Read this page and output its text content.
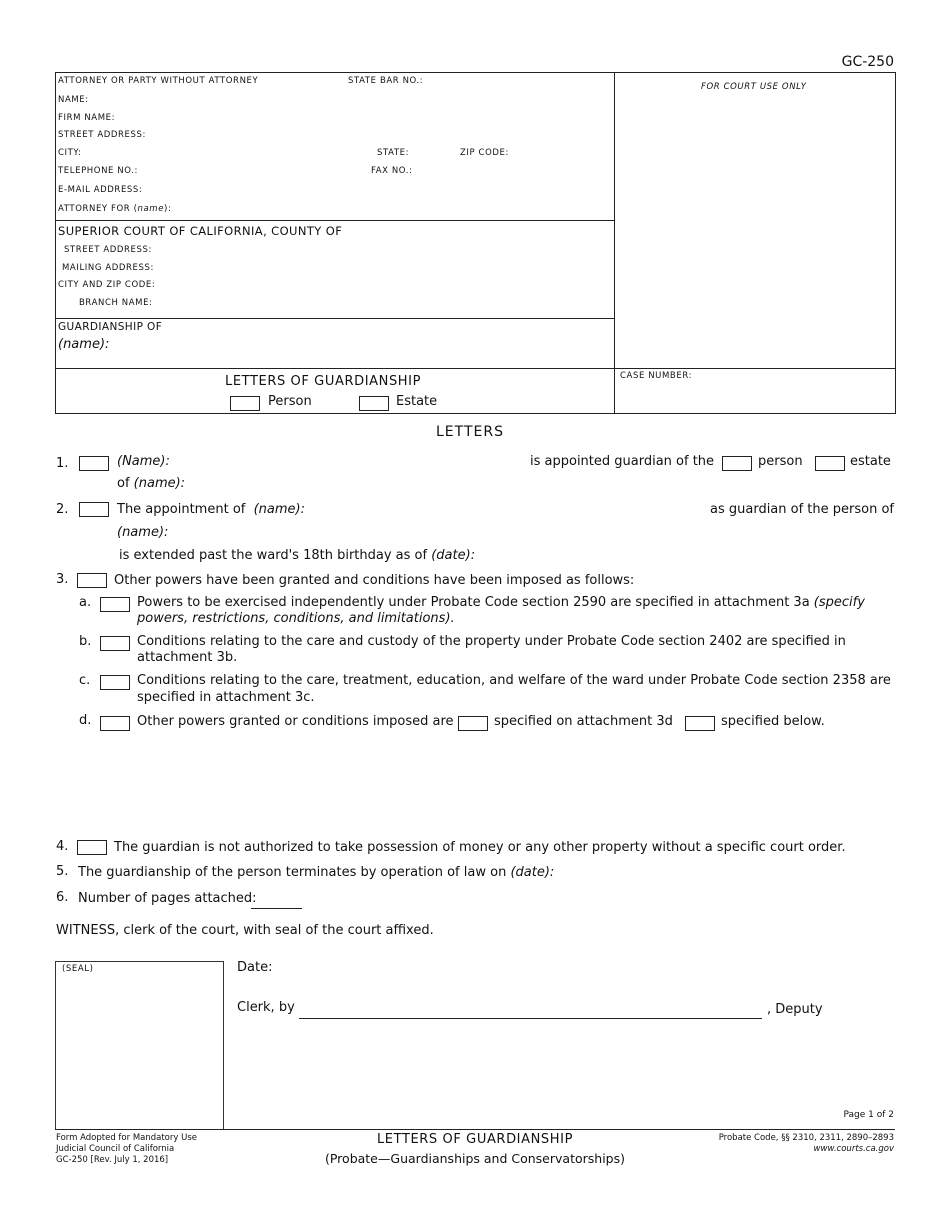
GC-250
ATTORNEY OR PARTY WITHOUT ATTORNEY	STATE BAR NO.:
NAME:
FIRM NAME:
STREET ADDRESS:
CITY:	STATE:	ZIP CODE:
TELEPHONE NO.:	FAX NO.:
E-MAIL ADDRESS:
ATTORNEY FOR (name):
FOR COURT USE ONLY
SUPERIOR COURT OF CALIFORNIA, COUNTY OF
STREET ADDRESS:
MAILING ADDRESS:
CITY AND ZIP CODE:
BRANCH NAME:
GUARDIANSHIP OF
(name):
LETTERS OF GUARDIANSHIP
Person	Estate
CASE NUMBER:
LETTERS
1.	(Name):	is appointed guardian of the	person	estate
of (name):
2.	The appointment of (name):	as guardian of the person of
(name):
is extended past the ward's 18th birthday as of (date):
3.	Other powers have been granted and conditions have been imposed as follows:
a.	Powers to be exercised independently under Probate Code section 2590 are specified in attachment 3a (specify
powers, restrictions, conditions, and limitations).
b.	Conditions relating to the care and custody of the property under Probate Code section 2402 are specified in
attachment 3b.
c.	Conditions relating to the care, treatment, education, and welfare of the ward under Probate Code section 2358 are
specified in attachment 3c.
d.	Other powers granted or conditions imposed are	specified on attachment 3d	specified below.
4.	The guardian is not authorized to take possession of money or any other property without a specific court order.
5. The guardianship of the person terminates by operation of law on (date):
6. Number of pages attached:
WITNESS, clerk of the court, with seal of the court affixed.
(SEAL)	Date:
Clerk, by	, Deputy
Page 1 of 2
Form Adopted for Mandatory Use
Judicial Council of California
GC-250 [Rev. July 1, 2016]
LETTERS OF GUARDIANSHIP
(Probate—Guardianships and Conservatorships)
Probate Code, §§ 2310, 2311, 2890–2893
www.courts.ca.gov
